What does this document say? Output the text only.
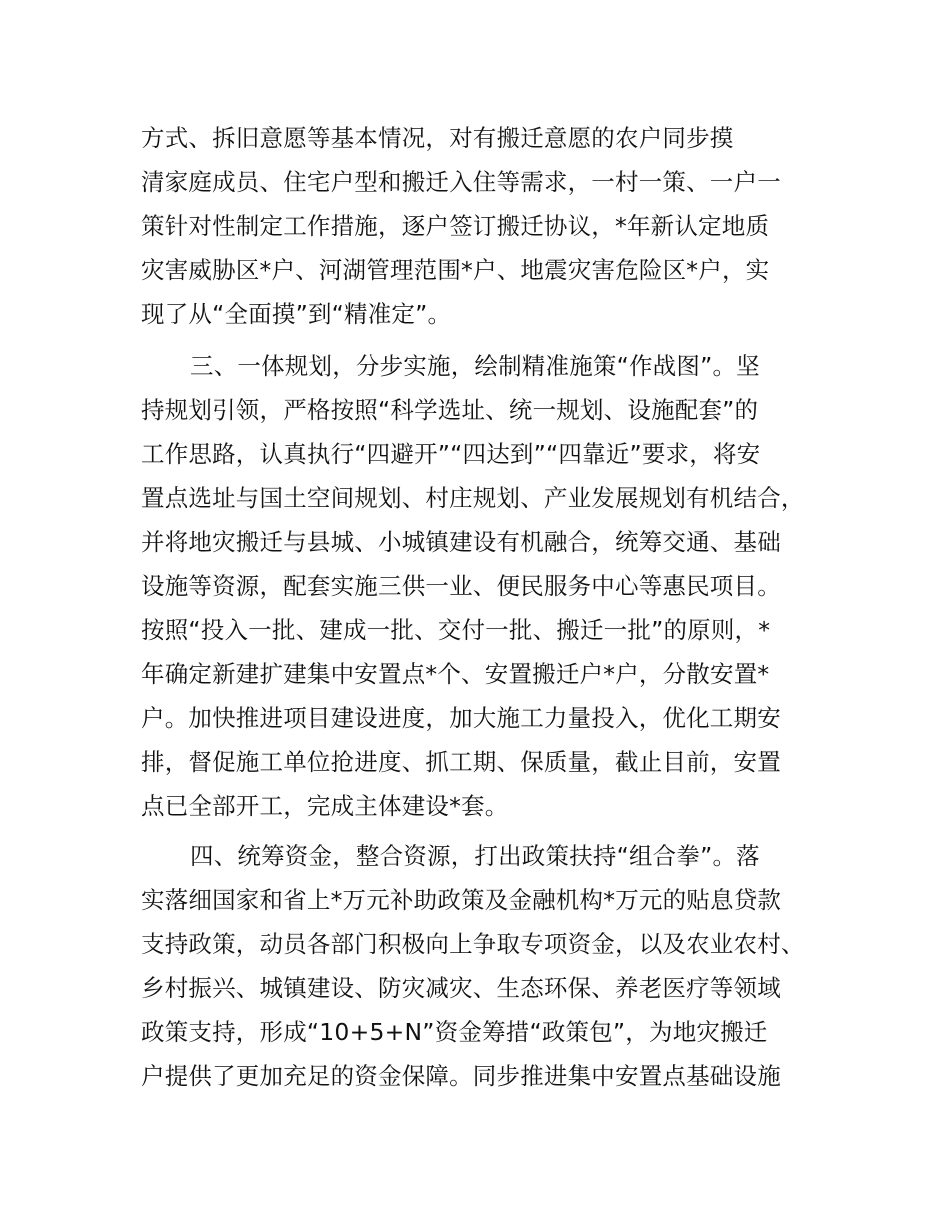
方式、拆旧意愿等基本情况，对有搬迁意愿的农户同步摸
清家庭成员、住宅户型和搬迁入住等需求，一村一策、一户一
策针对性制定工作措施，逐户签订搬迁协议，*年新认定地质
灾害威胁区*户、河湖管理范围*户、地震灾害危险区*户，实
现了从“全面摸”到“精准定”。
三、一体规划，分步实施，绘制精准施策“作战图”。坚
持规划引领，严格按照“科学选址、统一规划、设施配套”的
工作思路，认真执行“四避开”“四达到”“四靠近”要求，将安
置点选址与国土空间规划、村庄规划、产业发展规划有机结合，
并将地灾搬迁与县城、小城镇建设有机融合，统筹交通、基础
设施等资源，配套实施三供一业、便民服务中心等惠民项目。
按照“投入一批、建成一批、交付一批、搬迁一批”的原则，*
年确定新建扩建集中安置点*个、安置搬迁户*户，分散安置*
户。加快推进项目建设进度，加大施工力量投入，优化工期安
排，督促施工单位抢进度、抓工期、保质量，截止目前，安置
点已全部开工，完成主体建设*套。
四、统筹资金，整合资源，打出政策扶持“组合拳”。落
实落细国家和省上*万元补助政策及金融机构*万元的贴息贷款
支持政策，动员各部门积极向上争取专项资金，以及农业农村、
乡村振兴、城镇建设、防灾减灾、生态环保、养老医疗等领域
政策支持，形成“10+5+N”资金筹措“政策包”，为地灾搬迁
户提供了更加充足的资金保障。同步推进集中安置点基础设施
